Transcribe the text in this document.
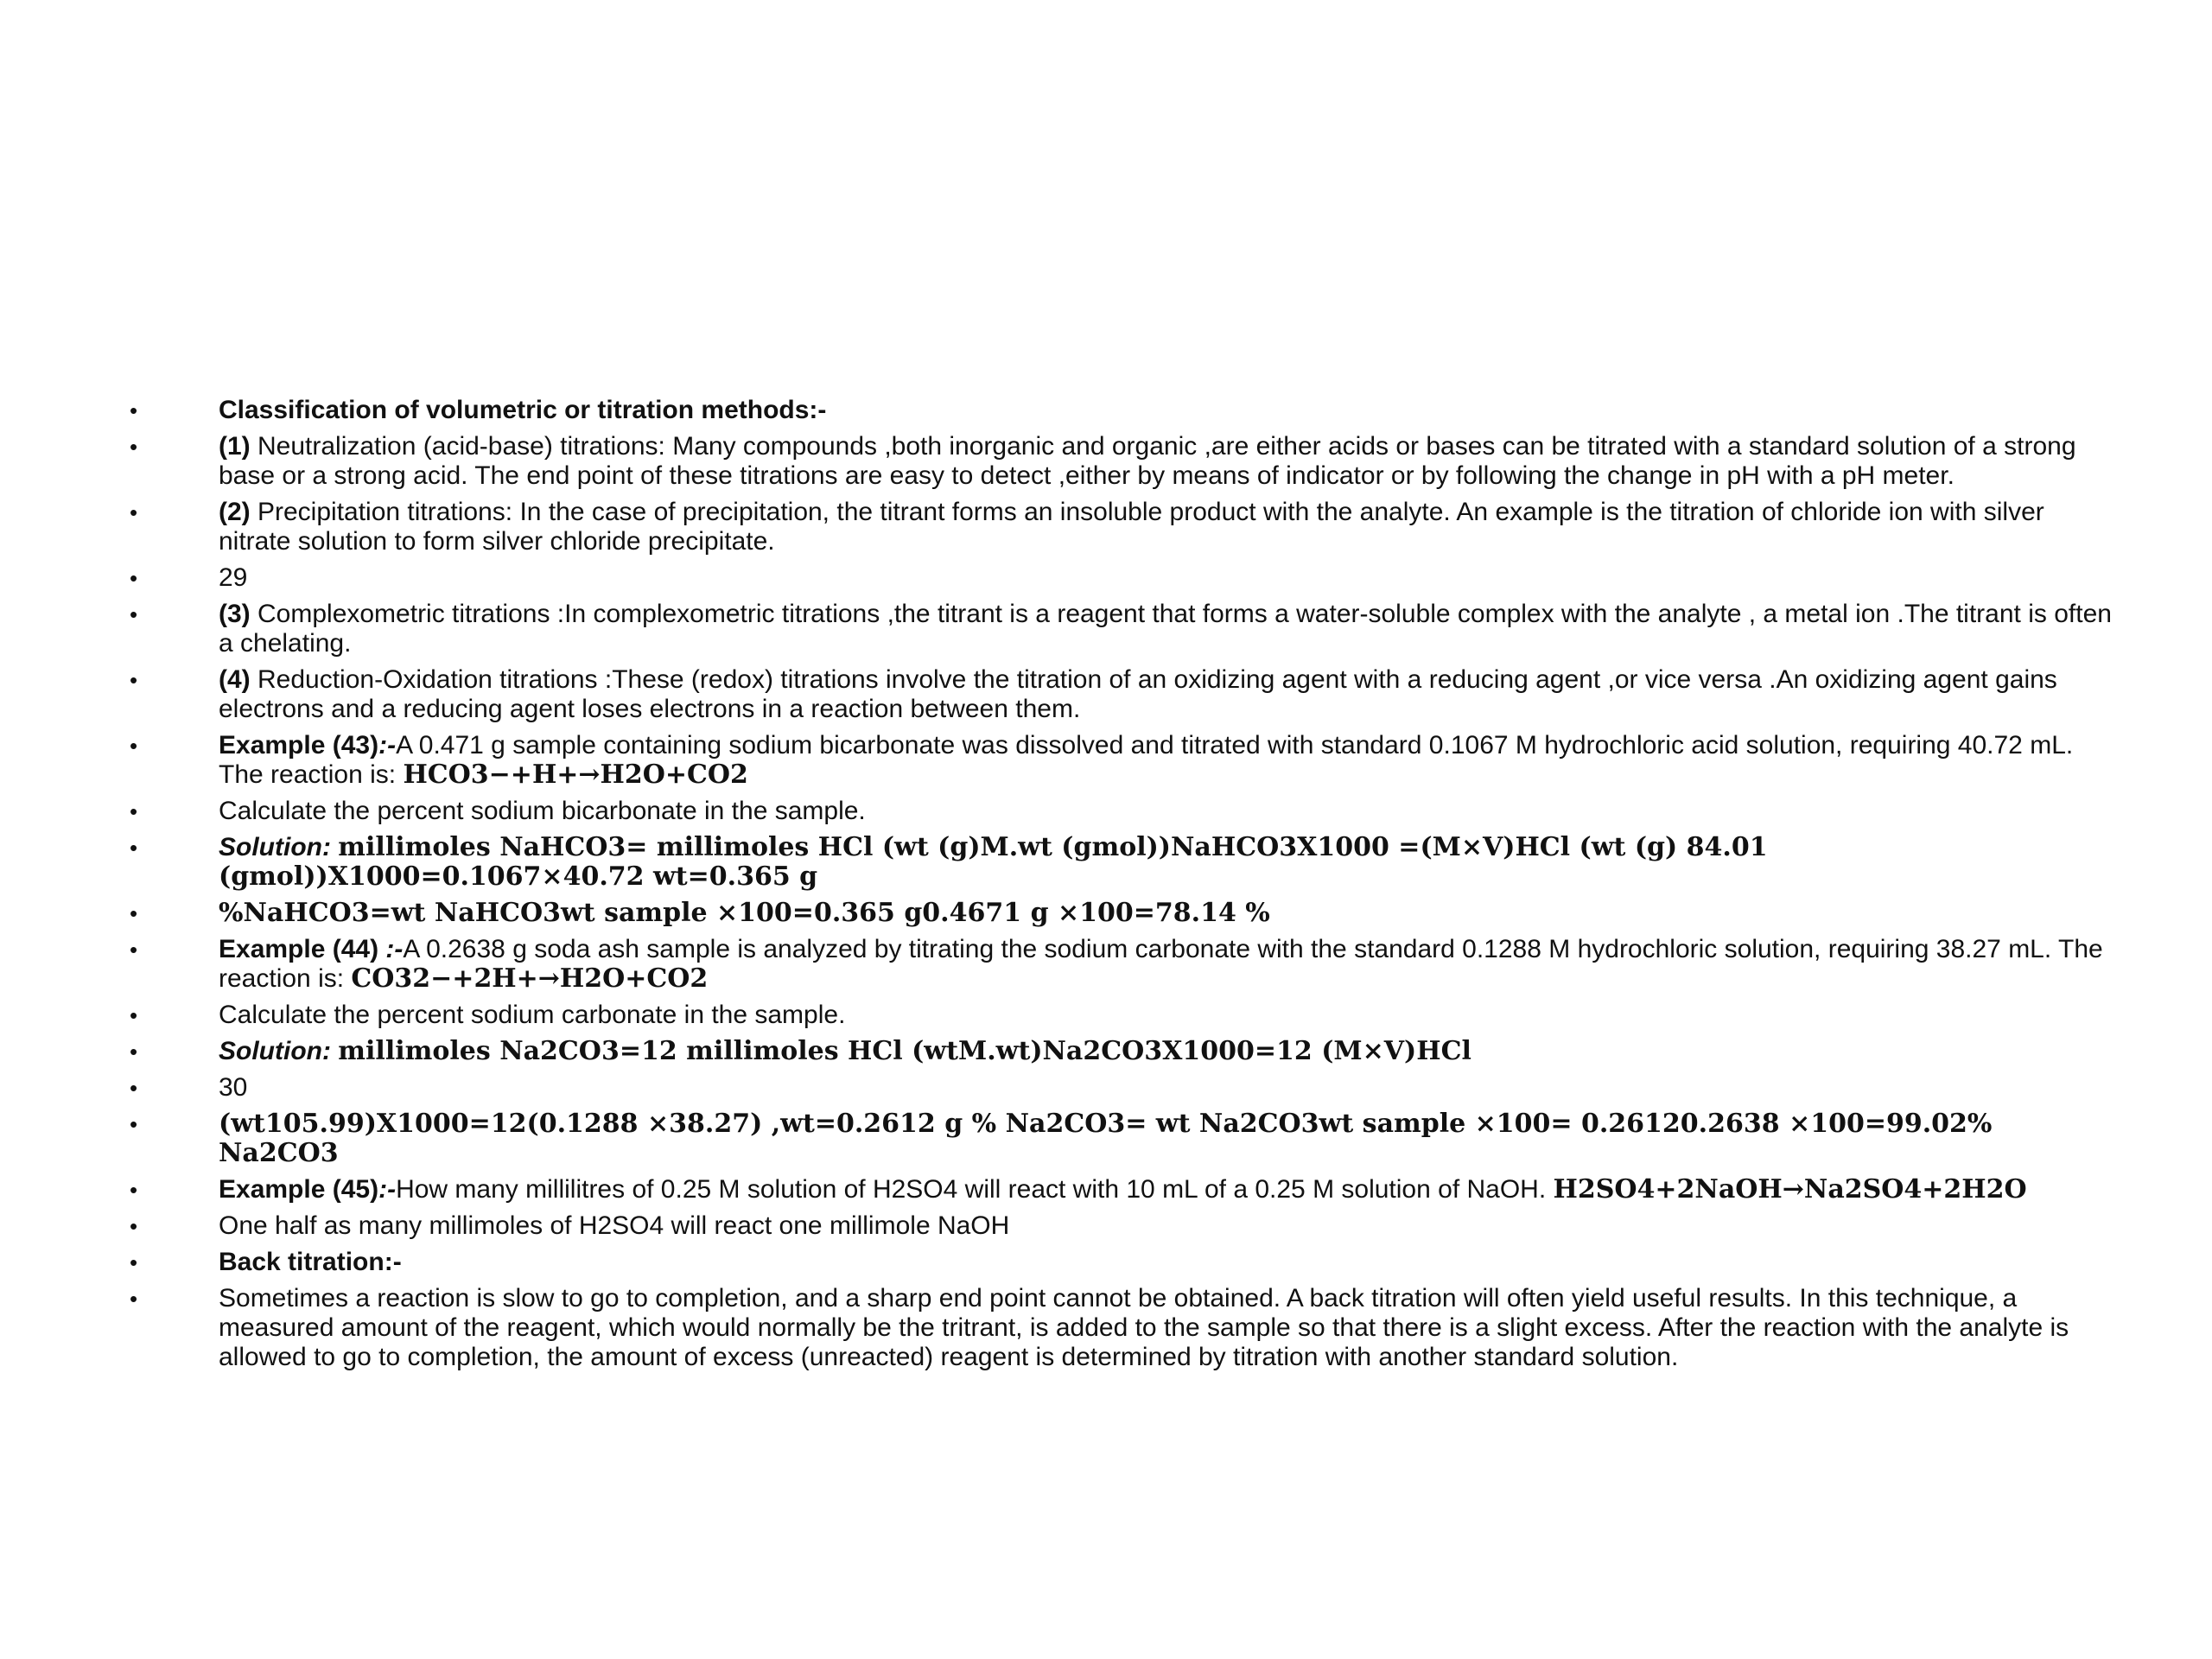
•	Classification of volumetric or titration methods:-
•	(1) Neutralization (acid-base) titrations: Many compounds ,both inorganic and organic ,are either acids or bases can be titrated with a standard solution of a strong base or a strong acid. The end point of these titrations are easy to detect ,either by means of indicator or by following the change in pH with a pH meter.
•	(2) Precipitation titrations: In the case of precipitation, the titrant forms an insoluble product with the analyte. An example is the titration of chloride ion with silver nitrate solution to form silver chloride precipitate.
•	29
•	(3) Complexometric titrations :In complexometric titrations ,the titrant is a reagent that forms a water-soluble complex with the analyte , a metal ion .The titrant is often a chelating.
•	(4) Reduction-Oxidation titrations :These (redox) titrations involve the titration of an oxidizing agent with a reducing agent ,or vice versa .An oxidizing agent gains electrons and a reducing agent loses electrons in a reaction between them.
•	Example (43):-A 0.471 g sample containing sodium bicarbonate was dissolved and titrated with standard 0.1067 M hydrochloric acid solution, requiring 40.72 mL. The reaction is: HCO3−+H+→H2O+CO2
•	Calculate the percent sodium bicarbonate in the sample.
•	Solution: millimoles NaHCO3= millimoles HCl (wt (g)M.wt (gmol))NaHCO3X1000 =(M×V)HCl (wt (g) 84.01 (gmol))X1000=0.1067×40.72 wt=0.365 g
•	%NaHCO3=wt NaHCO3wt sample ×100=0.365 g0.4671 g ×100=78.14 %
•	Example (44) :-A 0.2638 g soda ash sample is analyzed by titrating the sodium carbonate with the standard 0.1288 M hydrochloric solution, requiring 38.27 mL. The reaction is: CO32−+2H+→H2O+CO2
•	Calculate the percent sodium carbonate in the sample.
•	Solution: millimoles Na2CO3=12 millimoles HCl (wtM.wt)Na2CO3X1000=12 (M×V)HCl
•	30
•	(wt105.99)X1000=12(0.1288 ×38.27) ,wt=0.2612 g % Na2CO3= wt Na2CO3wt sample ×100= 0.26120.2638 ×100=99.02% Na2CO3
•	Example (45):-How many millilitres of 0.25 M solution of H2SO4 will react with 10 mL of a 0.25 M solution of NaOH. H2SO4+2NaOH→Na2SO4+2H2O
•	One half as many millimoles of H2SO4 will react one millimole NaOH
•	Back titration:-
•	Sometimes a reaction is slow to go to completion, and a sharp end point cannot be obtained. A back titration will often yield useful results. In this technique, a measured amount of the reagent, which would normally be the tritrant, is added to the sample so that there is a slight excess. After the reaction with the analyte is allowed to go to completion, the amount of excess (unreacted) reagent is determined by titration with another standard solution.
